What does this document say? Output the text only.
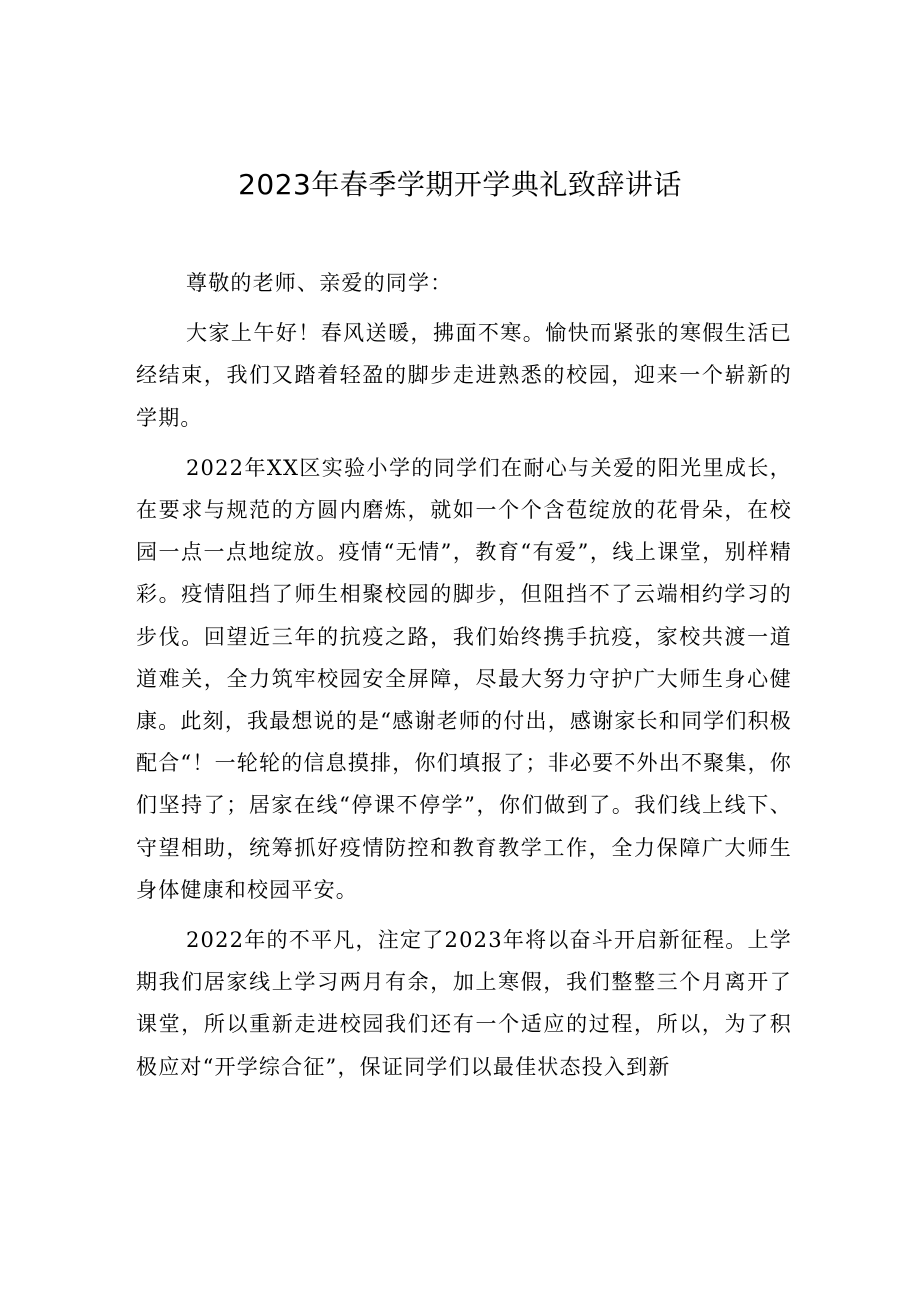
2023年春季学期开学典礼致辞讲话

尊敬的老师、亲爱的同学：

大家上午好！春风送暖，拂面不寒。愉快而紧张的寒假生活已经结束，我们又踏着轻盈的脚步走进熟悉的校园，迎来一个崭新的学期。

2022年XX区实验小学的同学们在耐心与关爱的阳光里成长，在要求与规范的方圆内磨炼，就如一个个含苞绽放的花骨朵，在校园一点一点地绽放。疫情“无情”，教育“有爱”，线上课堂，别样精彩。疫情阻挡了师生相聚校园的脚步，但阻挡不了云端相约学习的步伐。回望近三年的抗疫之路，我们始终携手抗疫，家校共渡一道道难关，全力筑牢校园安全屏障，尽最大努力守护广大师生身心健康。此刻，我最想说的是“感谢老师的付出，感谢家长和同学们积极配合“！一轮轮的信息摸排，你们填报了；非必要不外出不聚集，你们坚持了；居家在线“停课不停学”，你们做到了。我们线上线下、守望相助，统筹抓好疫情防控和教育教学工作，全力保障广大师生身体健康和校园平安。

2022年的不平凡，注定了2023年将以奋斗开启新征程。上学期我们居家线上学习两月有余，加上寒假，我们整整三个月离开了课堂，所以重新走进校园我们还有一个适应的过程，所以，为了积极应对“开学综合征”，保证同学们以最佳状态投入到新
